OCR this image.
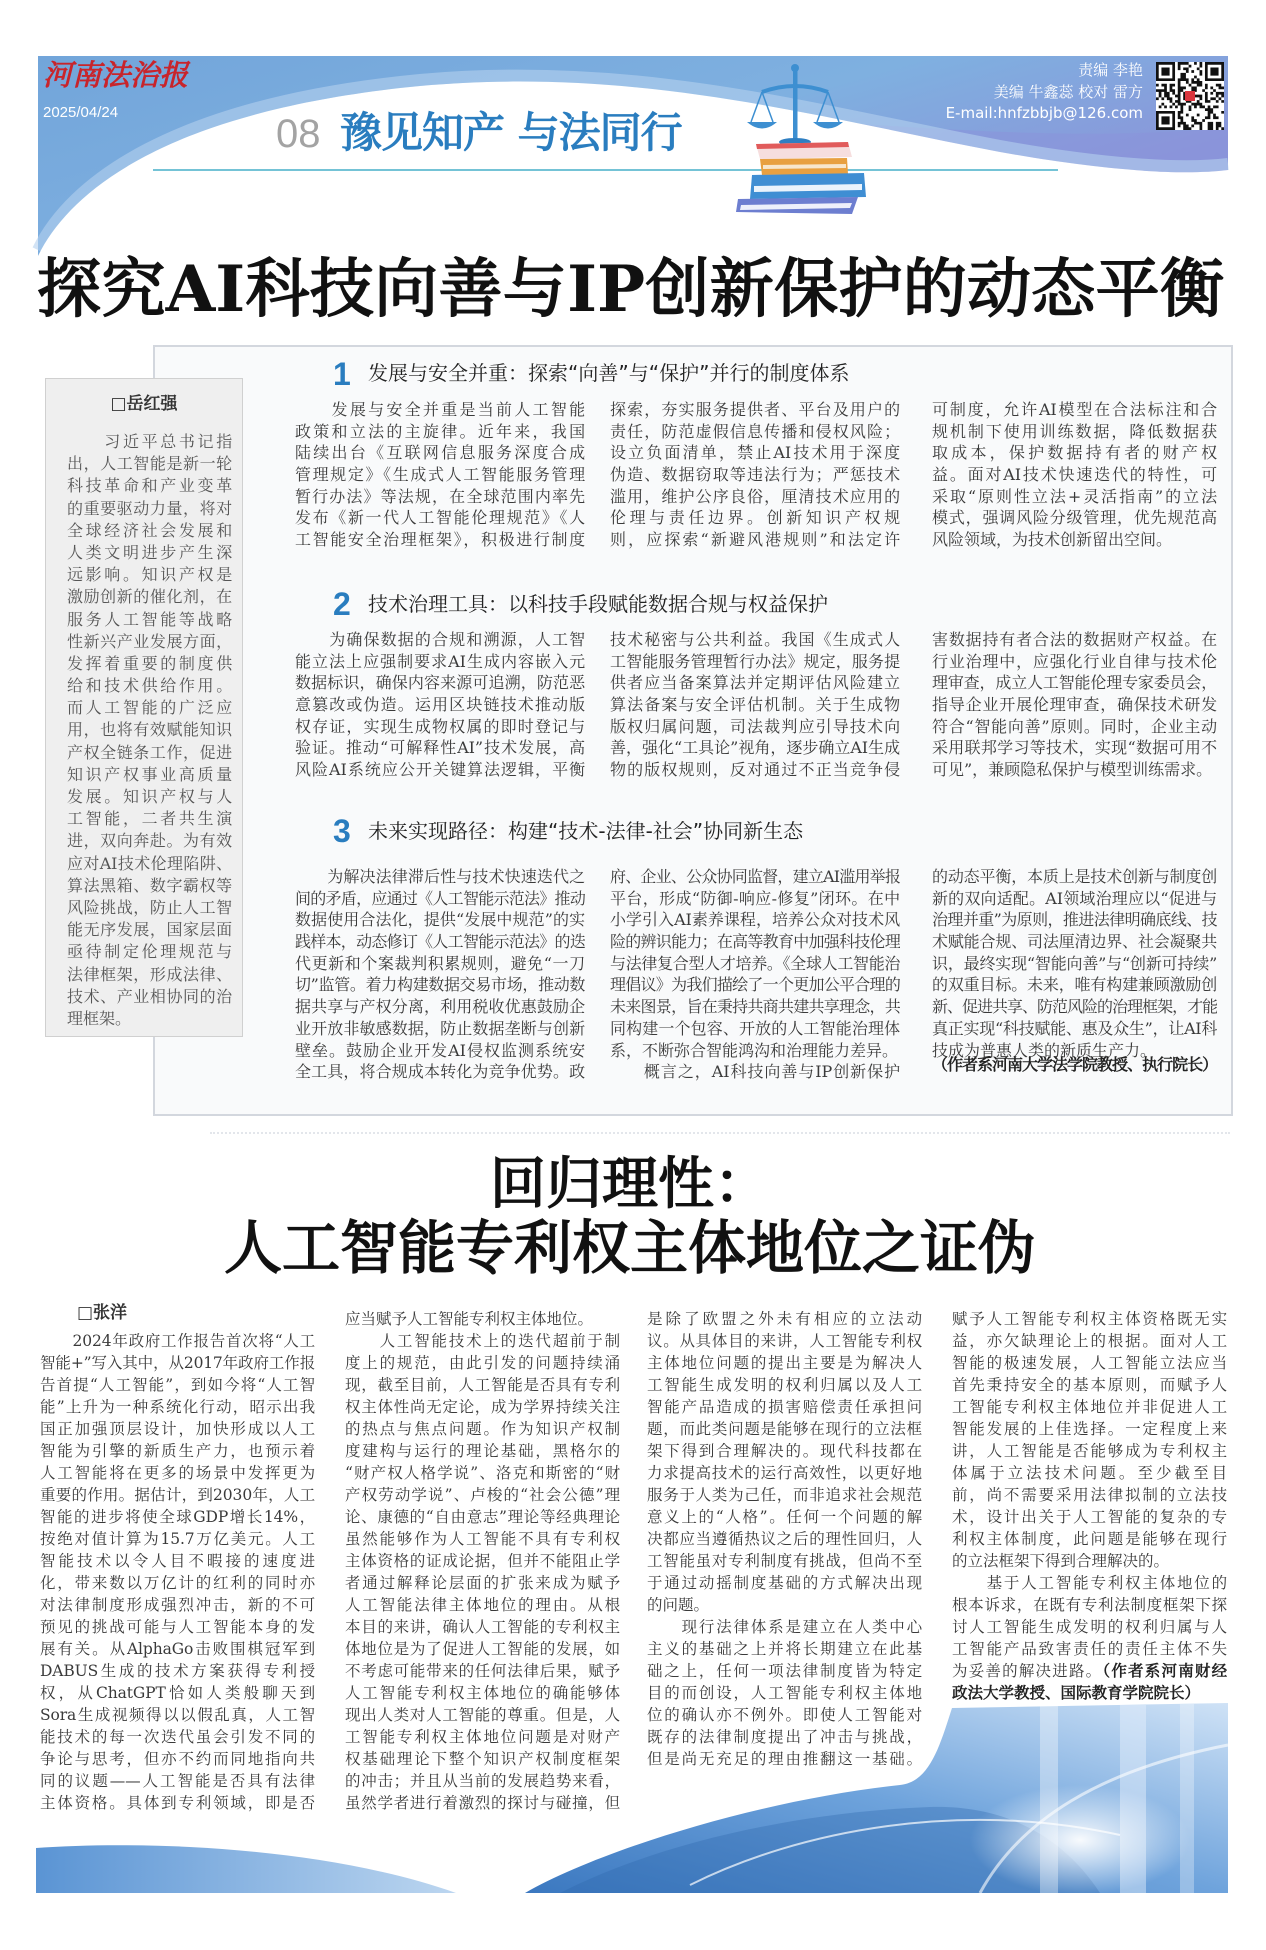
河南法治报
2025/04/24	08 豫见知产 与法同行
责编 李艳
美编 牛鑫蕊 校对 雷方
E-mail:hnfzbbjb@126.com
探究AI科技向善与IP创新保护的动态平衡
□岳红强
　　习近平总书记指
出，人工智能是新一轮
科技革命和产业变革
的重要驱动力量，将对
全球经济社会发展和
人类文明进步产生深
远影响。知识产权是
激励创新的催化剂，在
服务人工智能等战略
性新兴产业发展方面，
发挥着重要的制度供
给和技术供给作用。
而人工智能的广泛应
用，也将有效赋能知识
产权全链条工作，促进
知识产权事业高质量
发展。知识产权与人
工智能，二者共生演
进，双向奔赴。为有效
应对AI技术伦理陷阱、
算法黑箱、数字霸权等
风险挑战，防止人工智
能无序发展，国家层面
亟待制定伦理规范与
法律框架，形成法律、
技术、产业相协同的治
理框架。
1 发展与安全并重：探索“向善”与“保护”并行的制度体系
　　发展与安全并重是当前人工智能
政策和立法的主旋律。近年来，我国
陆续出台《互联网信息服务深度合成
管理规定》《生成式人工智能服务管理
暂行办法》等法规，在全球范围内率先
发布《新一代人工智能伦理规范》《人
工智能安全治理框架》，积极进行制度
探索，夯实服务提供者、平台及用户的
责任，防范虚假信息传播和侵权风险；
设立负面清单，禁止AI技术用于深度
伪造、数据窃取等违法行为；严惩技术
滥用，维护公序良俗，厘清技术应用的
伦理与责任边界。创新知识产权规
则，应探索“新避风港规则”和法定许
可制度，允许AI模型在合法标注和合
规机制下使用训练数据，降低数据获
取成本，保护数据持有者的财产权
益。面对AI技术快速迭代的特性，可
采取“原则性立法+灵活指南”的立法
模式，强调风险分级管理，优先规范高
风险领域，为技术创新留出空间。
2 技术治理工具：以科技手段赋能数据合规与权益保护
　　为确保数据的合规和溯源，人工智
能立法上应强制要求AI生成内容嵌入元
数据标识，确保内容来源可追溯，防范恶
意篡改或伪造。运用区块链技术推动版
权存证，实现生成物权属的即时登记与
验证。推动“可解释性AI”技术发展，高
风险AI系统应公开关键算法逻辑，平衡
技术秘密与公共利益。我国《生成式人
工智能服务管理暂行办法》规定，服务提
供者应当备案算法并定期评估风险建立
算法备案与安全评估机制。关于生成物
版权归属问题，司法裁判应引导技术向
善，强化“工具论”视角，逐步确立AI生成
物的版权规则，反对通过不正当竞争侵
害数据持有者合法的数据财产权益。在
行业治理中，应强化行业自律与技术伦
理审查，成立人工智能伦理专家委员会，
指导企业开展伦理审查，确保技术研发
符合“智能向善”原则。同时，企业主动
采用联邦学习等技术，实现“数据可用不
可见”，兼顾隐私保护与模型训练需求。
3 未来实现路径：构建“技术-法律-社会”协同新生态
　　为解决法律滞后性与技术快速迭代之
间的矛盾，应通过《人工智能示范法》推动
数据使用合法化，提供“发展中规范”的实
践样本，动态修订《人工智能示范法》的迭
代更新和个案裁判积累规则，避免“一刀
切”监管。着力构建数据交易市场，推动数
据共享与产权分离，利用税收优惠鼓励企
业开放非敏感数据，防止数据垄断与创新
壁垒。鼓励企业开发AI侵权监测系统安
全工具，将合规成本转化为竞争优势。政
府、企业、公众协同监督，建立AI滥用举报
平台，形成“防御-响应-修复”闭环。在中
小学引入AI素养课程，培养公众对技术风
险的辨识能力；在高等教育中加强科技伦理
与法律复合型人才培养。《全球人工智能治
理倡议》为我们描绘了一个更加公平合理的
未来图景，旨在秉持共商共建共享理念，共
同构建一个包容、开放的人工智能治理体
系，不断弥合智能鸿沟和治理能力差异。
　　概言之，AI科技向善与IP创新保护
的动态平衡，本质上是技术创新与制度创
新的双向适配。AI领域治理应以“促进与
治理并重”为原则，推进法律明确底线、技
术赋能合规、司法厘清边界、社会凝聚共
识，最终实现“智能向善”与“创新可持续”
的双重目标。未来，唯有构建兼顾激励创
新、促进共享、防范风险的治理框架，才能
真正实现“科技赋能、惠及众生”，让AI科
技成为普惠人类的新质生产力。
（作者系河南大学法学院教授、执行院长）
回归理性：
人工智能专利权主体地位之证伪
□张洋
　　2024年政府工作报告首次将“人工
智能+”写入其中，从2017年政府工作报
告首提“人工智能”，到如今将“人工智
能”上升为一种系统化行动，昭示出我
国正加强顶层设计，加快形成以人工
智能为引擎的新质生产力，也预示着
人工智能将在更多的场景中发挥更为
重要的作用。据估计，到2030年，人工
智能的进步将使全球GDP增长14%，
按绝对值计算为15.7万亿美元。人工
智能技术以令人目不暇接的速度进
化，带来数以万亿计的红利的同时亦
对法律制度形成强烈冲击，新的不可
预见的挑战可能与人工智能本身的发
展有关。从AlphaGo击败围棋冠军到
DABUS生成的技术方案获得专利授
权，从ChatGPT恰如人类般聊天到
Sora生成视频得以以假乱真，人工智
能技术的每一次迭代虽会引发不同的
争论与思考，但亦不约而同地指向共
同的议题——人工智能是否具有法律
主体资格。具体到专利领域，即是否
应当赋予人工智能专利权主体地位。
　　人工智能技术上的迭代超前于制
度上的规范，由此引发的问题持续涌
现，截至目前，人工智能是否具有专利
权主体性尚无定论，成为学界持续关注
的热点与焦点问题。作为知识产权制
度建构与运行的理论基础，黑格尔的
“财产权人格学说”、洛克和斯密的“财
产权劳动学说”、卢梭的“社会公德”理
论、康德的“自由意志”理论等经典理论
虽然能够作为人工智能不具有专利权
主体资格的证成论据，但并不能阻止学
者通过解释论层面的扩张来成为赋予
人工智能法律主体地位的理由。从根
本目的来讲，确认人工智能的专利权主
体地位是为了促进人工智能的发展，如
不考虑可能带来的任何法律后果，赋予
人工智能专利权主体地位的确能够体
现出人类对人工智能的尊重。但是，人
工智能专利权主体地位问题是对财产
权基础理论下整个知识产权制度框架
的冲击；并且从当前的发展趋势来看，
虽然学者进行着激烈的探讨与碰撞，但
是除了欧盟之外未有相应的立法动
议。从具体目的来讲，人工智能专利权
主体地位问题的提出主要是为解决人
工智能生成发明的权利归属以及人工
智能产品造成的损害赔偿责任承担问
题，而此类问题是能够在现行的立法框
架下得到合理解决的。现代科技都在
力求提高技术的运行高效性，以更好地
服务于人类为己任，而非追求社会规范
意义上的“人格”。任何一个问题的解
决都应当遵循热议之后的理性回归，人
工智能虽对专利制度有挑战，但尚不至
于通过动摇制度基础的方式解决出现
的问题。
　　现行法律体系是建立在人类中心
主义的基础之上并将长期建立在此基
础之上，任何一项法律制度皆为特定
目的而创设，人工智能专利权主体地
位的确认亦不例外。即使人工智能对
既存的法律制度提出了冲击与挑战，
但是尚无充足的理由推翻这一基础。
赋予人工智能专利权主体资格既无实
益，亦欠缺理论上的根据。面对人工
智能的极速发展，人工智能立法应当
首先秉持安全的基本原则，而赋予人
工智能专利权主体地位并非促进人工
智能发展的上佳选择。一定程度上来
讲，人工智能是否能够成为专利权主
体属于立法技术问题。至少截至目
前，尚不需要采用法律拟制的立法技
术，设计出关于人工智能的复杂的专
利权主体制度，此问题是能够在现行
的立法框架下得到合理解决的。
　　基于人工智能专利权主体地位的
根本诉求，在既有专利法制度框架下探
讨人工智能生成发明的权利归属与人
工智能产品致害责任的责任主体不失
为妥善的解决进路。（作者系河南财经
政法大学教授、国际教育学院院长）
